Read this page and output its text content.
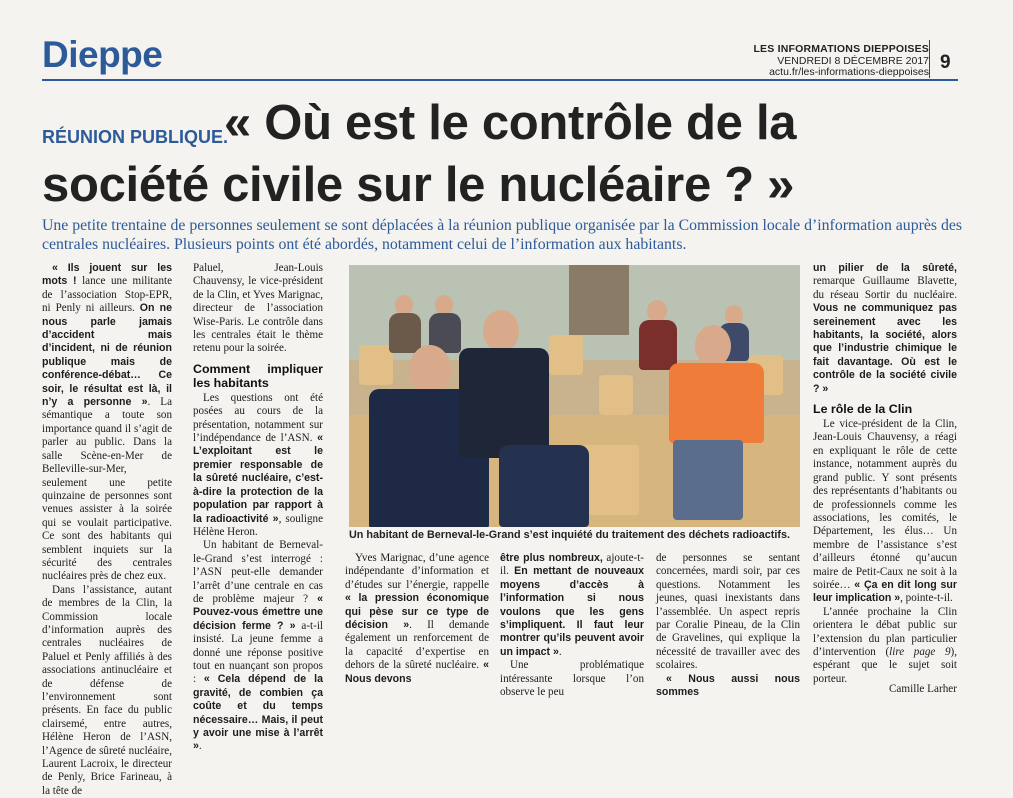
Dieppe	LES INFORMATIONS DIEPPOISES
VENDREDI 8 DÉCEMBRE 2017
actu.fr/les-informations-dieppoises 9
« Où est le contrôle de la société civile sur le nucléaire ? »
RÉUNION PUBLIQUE.
Une petite trentaine de personnes seulement se sont déplacées à la réunion publique organisée par la Commission locale d’information auprès des centrales nucléaires. Plusieurs points ont été abordés, notamment celui de l’information aux habitants.

« Ils jouent sur les mots ! lance une militante de l’association Stop-EPR, ni Penly ni ailleurs. On ne nous parle jamais d’accident mais d’incident, ni de réunion publique mais de conférence-débat… Ce soir, le résultat est là, il n’y a personne ». La sémantique a toute son importance quand il s’agit de parler au public. Dans la salle Scène-en-Mer de Belleville-sur-Mer, seulement une petite quinzaine de personnes sont venues assister à la soirée qui se voulait participative. Ce sont des habitants qui semblent inquiets sur la sécurité des centrales nucléaires près de chez eux.

Dans l’assistance, autant de membres de la Clin, la Commission locale d’information auprès des centrales nucléaires de Paluel et Penly affiliés à des associations antinucléaire et de défense de l’environnement sont présents. En face du public clairsemé, entre autres, Hélène Heron de l’ASN, l’Agence de sûreté nucléaire, Laurent Lacroix, le directeur de Penly, Brice Farineau, à la tête de

Paluel, Jean-Louis Chauvensy, le vice-président de la Clin, et Yves Marignac, directeur de l’association Wise-Paris. Le contrôle dans les centrales était le thème retenu pour la soirée.

Comment impliquer les habitants

Les questions ont été posées au cours de la présentation, notamment sur l’indépendance de l’ASN. « L’exploitant est le premier responsable de la sûreté nucléaire, c’est-à-dire la protection de la population par rapport à la radioactivité », souligne Hélène Heron.

Un habitant de Berneval-le-Grand s’est interrogé : l’ASN peut-elle demander l’arrêt d’une centrale en cas de problème majeur ? « Pouvez-vous émettre une décision ferme ? » a-t-il insisté. La jeune femme a donné une réponse positive tout en nuançant son propos : « Cela dépend de la gravité, de combien ça coûte et du temps nécessaire… Mais, il peut y avoir une mise à l’arrêt ».

Un habitant de Berneval-le-Grand s’est inquiété du traitement des déchets radioactifs.

Yves Marignac, d’une agence indépendante d’information et d’études sur l’énergie, rappelle « la pression économique qui pèse sur ce type de décision ». Il demande également un renforcement de la capacité d’expertise en dehors de la sûreté nucléaire. « Nous devons

être plus nombreux, ajoute-t-il. En mettant de nouveaux moyens d’accès à l’information si nous voulons que les gens s’impliquent. Il faut leur montrer qu’ils peuvent avoir un impact ».

Une problématique intéressante lorsque l’on observe le peu

de personnes se sentant concernées, mardi soir, par ces questions. Notamment les jeunes, quasi inexistants dans l’assemblée. Un aspect repris par Coralie Pineau, de la Clin de Gravelines, qui explique la nécessité de travailler avec des scolaires.

« Nous aussi nous sommes

un pilier de la sûreté, remarque Guillaume Blavette, du réseau Sortir du nucléaire. Vous ne communiquez pas sereinement avec les habitants, la société, alors que l’industrie chimique le fait davantage. Où est le contrôle de la société civile ? »

Le rôle de la Clin

Le vice-président de la Clin, Jean-Louis Chauvensy, a réagi en expliquant le rôle de cette instance, notamment auprès du grand public. Y sont présents des représentants d’habitants ou de professionnels comme les associations, les comités, le Département, les élus… Un membre de l’assistance s’est d’ailleurs étonné qu’aucun maire de Petit-Caux ne soit à la soirée… « Ça en dit long sur leur implication », pointe-t-il.

L’année prochaine la Clin orientera le débat public sur l’extension du plan particulier d’intervention (lire page 9), espérant que le sujet soit porteur.

Camille Larher
